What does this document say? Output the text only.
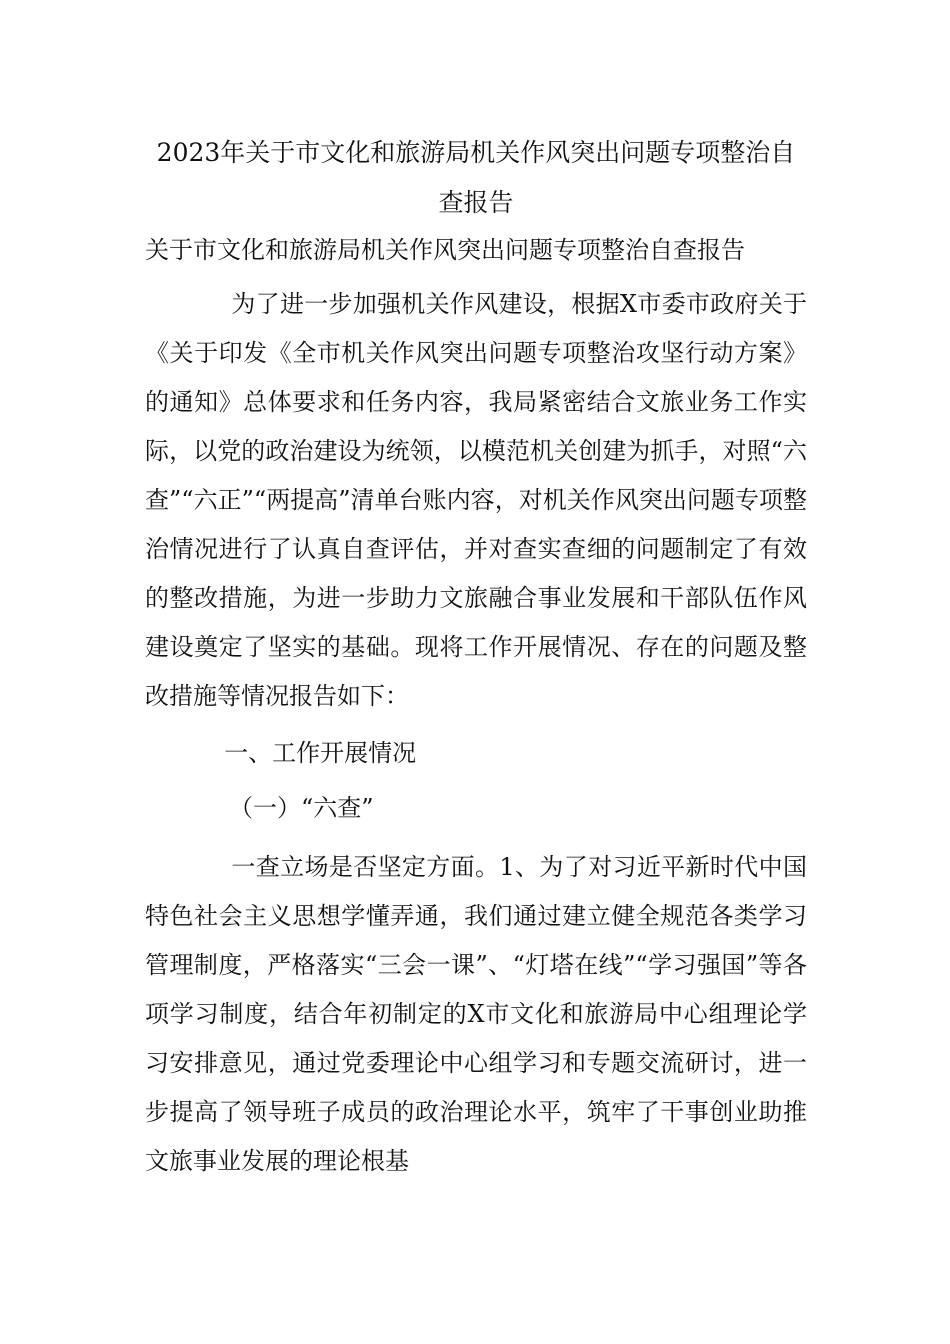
2023年关于市文化和旅游局机关作风突出问题专项整治自查报告

关于市文化和旅游局机关作风突出问题专项整治自查报告

为了进一步加强机关作风建设，根据X市委市政府关于《关于印发《全市机关作风突出问题专项整治攻坚行动方案》的通知》总体要求和任务内容，我局紧密结合文旅业务工作实际，以党的政治建设为统领，以模范机关创建为抓手，对照“六查”“六正”“两提高”清单台账内容，对机关作风突出问题专项整治情况进行了认真自查评估，并对查实查细的问题制定了有效的整改措施，为进一步助力文旅融合事业发展和干部队伍作风建设奠定了坚实的基础。现将工作开展情况、存在的问题及整改措施等情况报告如下：

一、工作开展情况

（一）“六查”

一查立场是否坚定方面。1、为了对习近平新时代中国特色社会主义思想学懂弄通，我们通过建立健全规范各类学习管理制度，严格落实“三会一课”、“灯塔在线”“学习强国”等各项学习制度，结合年初制定的X市文化和旅游局中心组理论学习安排意见，通过党委理论中心组学习和专题交流研讨，进一步提高了领导班子成员的政治理论水平，筑牢了干事创业助推文旅事业发展的理论根基
